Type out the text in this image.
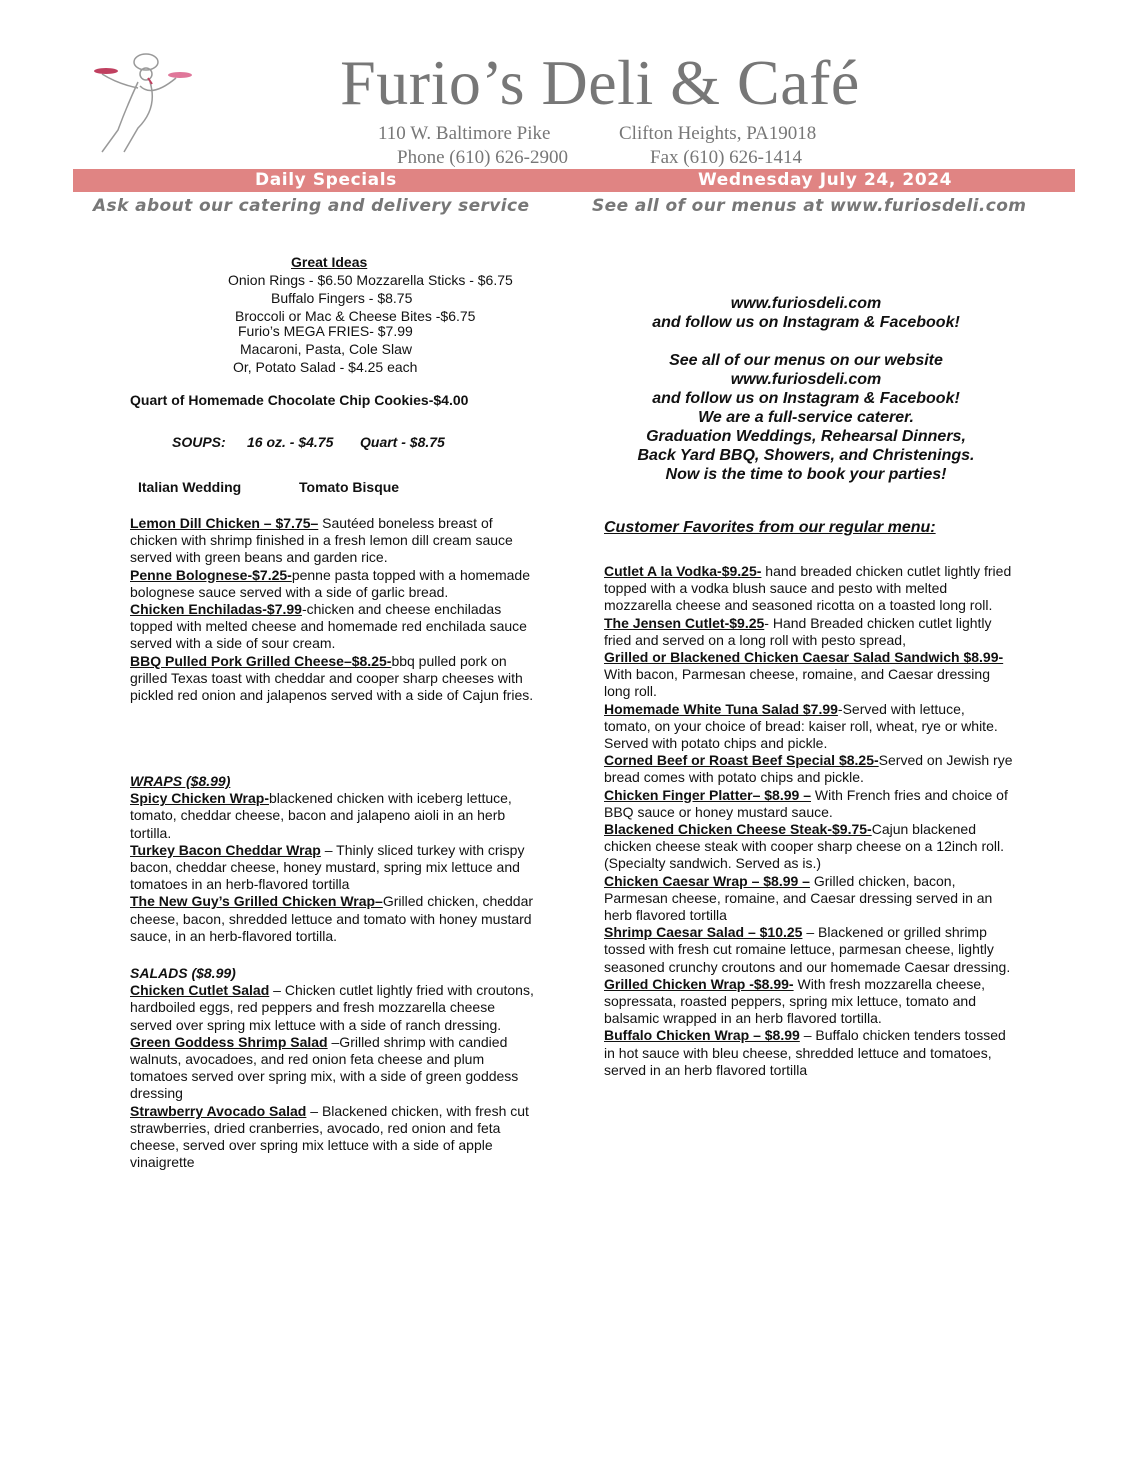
Furio’s Deli & Café
110 W. Baltimore Pike	Clifton Heights, PA19018
Phone (610) 626-2900	Fax (610) 626-1414
Daily Specials	Wednesday July 24, 2024
Ask about our catering and delivery service	See all of our menus at www.furiosdeli.com
Great Ideas
Onion Rings - $6.50 Mozzarella Sticks - $6.75
Buffalo Fingers - $8.75
Broccoli or Mac & Cheese Bites -$6.75
Furio’s MEGA FRIES- $7.99
Macaroni, Pasta, Cole Slaw
Or, Potato Salad - $4.25 each
Quart of Homemade Chocolate Chip Cookies-$4.00
SOUPS: 16 oz. - $4.75 Quart - $8.75
Italian Wedding	Tomato Bisque

Lemon Dill Chicken – $7.75– Sautéed boneless breast of chicken with shrimp finished in a fresh lemon dill cream sauce served with green beans and garden rice.

Penne Bolognese-$7.25-penne pasta topped with a homemade bolognese sauce served with a side of garlic bread.

Chicken Enchiladas-$7.99-chicken and cheese enchiladas topped with melted cheese and homemade red enchilada sauce served with a side of sour cream.

BBQ Pulled Pork Grilled Cheese–$8.25-bbq pulled pork on grilled Texas toast with cheddar and cooper sharp cheeses with pickled red onion and jalapenos served with a side of Cajun fries.

WRAPS ($8.99)

Spicy Chicken Wrap-blackened chicken with iceberg lettuce, tomato, cheddar cheese, bacon and jalapeno aioli in an herb tortilla.

Turkey Bacon Cheddar Wrap – Thinly sliced turkey with crispy bacon, cheddar cheese, honey mustard, spring mix lettuce and tomatoes in an herb-flavored tortilla

The New Guy’s Grilled Chicken Wrap–Grilled chicken, cheddar cheese, bacon, shredded lettuce and tomato with honey mustard sauce, in an herb-flavored tortilla.

SALADS ($8.99)

Chicken Cutlet Salad – Chicken cutlet lightly fried with croutons, hardboiled eggs, red peppers and fresh mozzarella cheese served over spring mix lettuce with a side of ranch dressing.

Green Goddess Shrimp Salad –Grilled shrimp with candied walnuts, avocadoes, and red onion feta cheese and plum tomatoes served over spring mix, with a side of green goddess dressing

Strawberry Avocado Salad – Blackened chicken, with fresh cut strawberries, dried cranberries, avocado, red onion and feta cheese, served over spring mix lettuce with a side of apple vinaigrette

www.furiosdeli.com
and follow us on Instagram & Facebook!
See all of our menus on our website
www.furiosdeli.com
and follow us on Instagram & Facebook!
We are a full-service caterer.
Graduation Weddings, Rehearsal Dinners,
Back Yard BBQ, Showers, and Christenings.
Now is the time to book your parties!
Customer Favorites from our regular menu:

Cutlet A la Vodka-$9.25- hand breaded chicken cutlet lightly fried topped with a vodka blush sauce and pesto with melted mozzarella cheese and seasoned ricotta on a toasted long roll.

The Jensen Cutlet-$9.25- Hand Breaded chicken cutlet lightly fried and served on a long roll with pesto spread,

Grilled or Blackened Chicken Caesar Salad Sandwich $8.99- With bacon, Parmesan cheese, romaine, and Caesar dressing long roll.

Homemade White Tuna Salad $7.99-Served with lettuce, tomato, on your choice of bread: kaiser roll, wheat, rye or white. Served with potato chips and pickle.

Corned Beef or Roast Beef Special $8.25-Served on Jewish rye bread comes with potato chips and pickle.

Chicken Finger Platter– $8.99 – With French fries and choice of BBQ sauce or honey mustard sauce.

Blackened Chicken Cheese Steak-$9.75-Cajun blackened chicken cheese steak with cooper sharp cheese on a 12inch roll. (Specialty sandwich. Served as is.)

Chicken Caesar Wrap – $8.99 – Grilled chicken, bacon, Parmesan cheese, romaine, and Caesar dressing served in an herb flavored tortilla

Shrimp Caesar Salad – $10.25 – Blackened or grilled shrimp tossed with fresh cut romaine lettuce, parmesan cheese, lightly seasoned crunchy croutons and our homemade Caesar dressing.

Grilled Chicken Wrap -$8.99- With fresh mozzarella cheese, sopressata, roasted peppers, spring mix lettuce, tomato and balsamic wrapped in an herb flavored tortilla.

Buffalo Chicken Wrap – $8.99 – Buffalo chicken tenders tossed in hot sauce with bleu cheese, shredded lettuce and tomatoes, served in an herb flavored tortilla
